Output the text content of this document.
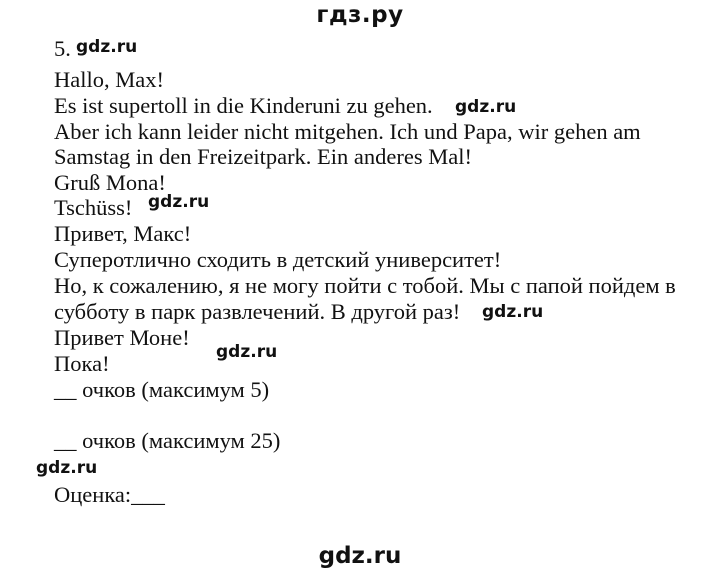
гдз.ру
5. gdz.ru
Hallo, Max!
Es ist supertoll in die Kinderuni zu gehen. gdz.ru
Aber ich kann leider nicht mitgehen. Ich und Papa, wir gehen am
Samstag in den Freizeitpark. Ein anderes Mal!
Gruß Mona!
Tschüss! gdz.ru
Привет, Макс!
Суперотлично сходить в детский университет!
Но, к сожалению, я не могу пойти с тобой. Мы с папой пойдем в
субботу в парк развлечений. В другой раз! gdz.ru
Привет Моне!
Пока!	gdz.ru
__ очков (максимум 5)
__ очков (максимум 25)
gdz.ru
Оценка:___
gdz.ru
